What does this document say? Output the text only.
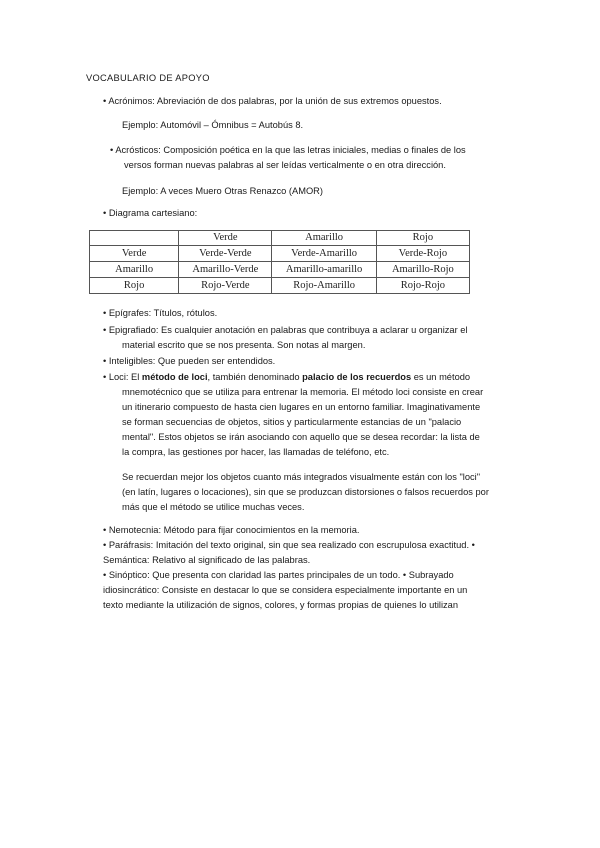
VOCABULARIO DE APOYO
• Acrónimos: Abreviación de dos palabras, por la unión de sus extremos opuestos.
Ejemplo: Automóvil – Ómnibus = Autobús 8.
• Acrósticos: Composición poética en la que las letras iniciales, medias o finales de los
versos forman nuevas palabras al ser leídas verticalmente o en otra dirección.
Ejemplo: A veces Muero Otras Renazco (AMOR)
• Diagrama cartesiano:
	Verde	Amarillo	Rojo
Verde	Verde-Verde	Verde-Amarillo	Verde-Rojo
Amarillo	Amarillo-Verde	Amarillo-amarillo	Amarillo-Rojo
Rojo	Rojo-Verde	Rojo-Amarillo	Rojo-Rojo
• Epígrafes: Títulos, rótulos.
• Epigrafiado: Es cualquier anotación en palabras que contribuya a aclarar u organizar el
material escrito que se nos presenta. Son notas al margen.
• Inteligibles: Que pueden ser entendidos.
• Loci: El método de loci, también denominado palacio de los recuerdos es un método
mnemotécnico que se utiliza para entrenar la memoria. El método loci consiste en crear
un itinerario compuesto de hasta cien lugares en un entorno familiar. Imaginativamente
se forman secuencias de objetos, sitios y particularmente estancias de un "palacio
mental". Estos objetos se irán asociando con aquello que se desea recordar: la lista de
la compra, las gestiones por hacer, las llamadas de teléfono, etc.
Se recuerdan mejor los objetos cuanto más integrados visualmente están con los "loci"
(en latín, lugares o locaciones), sin que se produzcan distorsiones o falsos recuerdos por
más que el método se utilice muchas veces.
• Nemotecnia: Método para fijar conocimientos en la memoria.
• Paráfrasis: Imitación del texto original, sin que sea realizado con escrupulosa exactitud. •
Semántica: Relativo al significado de las palabras.
• Sinóptico: Que presenta con claridad las partes principales de un todo. • Subrayado
idiosincrático: Consiste en destacar lo que se considera especialmente importante en un
texto mediante la utilización de signos, colores, y formas propias de quienes lo utilizan
